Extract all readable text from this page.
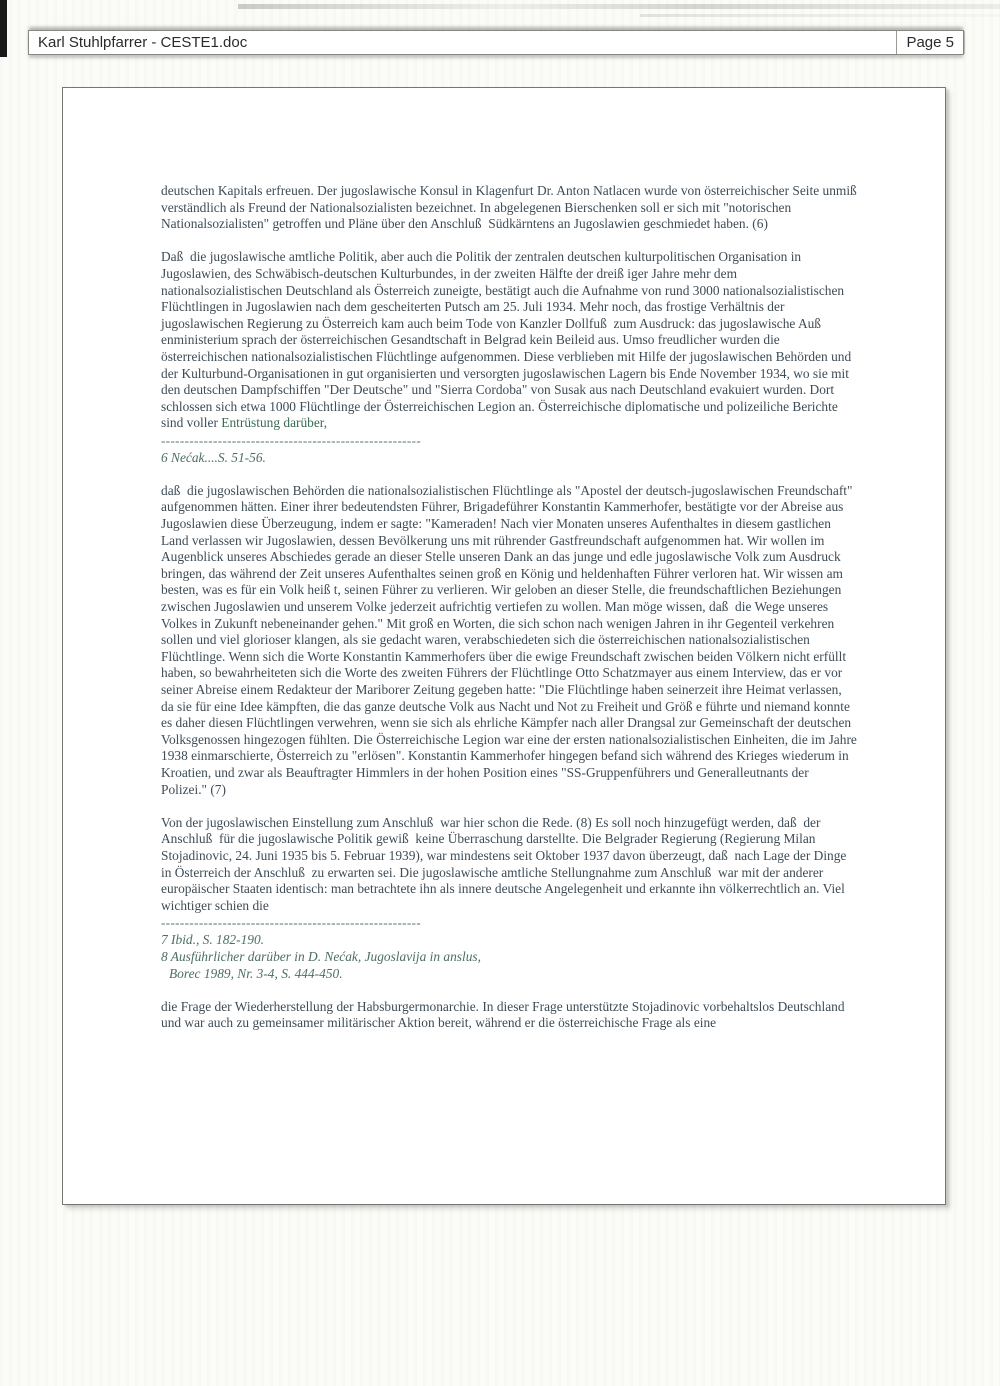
Karl Stuhlpfarrer - CESTE1.doc	Page 5

deutschen Kapitals erfreuen. Der jugoslawische Konsul in Klagenfurt Dr. Anton Natlacen wurde von österreichischer Seite unmiß verständlich als Freund der Nationalsozialisten bezeichnet. In abgelegenen Bierschenken soll er sich mit "notorischen Nationalsozialisten" getroffen und Pläne über den Anschluß  Südkärntens an Jugoslawien geschmiedet haben. (6)

Daß  die jugoslawische amtliche Politik, aber auch die Politik der zentralen deutschen kulturpolitischen Organisation in Jugoslawien, des Schwäbisch-deutschen Kulturbundes, in der zweiten Hälfte der dreiß iger Jahre mehr dem nationalsozialistischen Deutschland als Österreich zuneigte, bestätigt auch die Aufnahme von rund 3000 nationalsozialistischen Flüchtlingen in Jugoslawien nach dem gescheiterten Putsch am 25. Juli 1934. Mehr noch, das frostige Verhältnis der jugoslawischen Regierung zu Österreich kam auch beim Tode von Kanzler Dollfuß  zum Ausdruck: das jugoslawische Auß enministerium sprach der österreichischen Gesandtschaft in Belgrad kein Beileid aus. Umso freudlicher wurden die österreichischen nationalsozialistischen Flüchtlinge aufgenommen. Diese verblieben mit Hilfe der jugoslawischen Behörden und der Kulturbund-Organisationen in gut organisierten und versorgten jugoslawischen Lagern bis Ende November 1934, wo sie mit den deutschen Dampfschiffen "Der Deutsche" und "Sierra Cordoba" von Susak aus nach Deutschland evakuiert wurden. Dort schlossen sich etwa 1000 Flüchtlinge der Österreichischen Legion an. Österreichische diplomatische und polizeiliche Berichte sind voller Entrüstung darüber,

-------------------------------------------------------
6 Nećak....S. 51-56.

daß  die jugoslawischen Behörden die nationalsozialistischen Flüchtlinge als "Apostel der deutsch-jugoslawischen Freundschaft" aufgenommen hätten. Einer ihrer bedeutendsten Führer, Brigadeführer Konstantin Kammerhofer, bestätigte vor der Abreise aus Jugoslawien diese Überzeugung, indem er sagte: "Kameraden! Nach vier Monaten unseres Aufenthaltes in diesem gastlichen Land verlassen wir Jugoslawien, dessen Bevölkerung uns mit rührender Gastfreundschaft aufgenommen hat. Wir wollen im Augenblick unseres Abschiedes gerade an dieser Stelle unseren Dank an das junge und edle jugoslawische Volk zum Ausdruck bringen, das während der Zeit unseres Aufenthaltes seinen groß en König und heldenhaften Führer verloren hat. Wir wissen am besten, was es für ein Volk heiß t, seinen Führer zu verlieren. Wir geloben an dieser Stelle, die freundschaftlichen Beziehungen zwischen Jugoslawien und unserem Volke jederzeit aufrichtig vertiefen zu wollen. Man möge wissen, daß  die Wege unseres Volkes in Zukunft nebeneinander gehen." Mit groß en Worten, die sich schon nach wenigen Jahren in ihr Gegenteil verkehren sollen und viel glorioser klangen, als sie gedacht waren, verabschiedeten sich die österreichischen nationalsozialistischen Flüchtlinge. Wenn sich die Worte Konstantin Kammerhofers über die ewige Freundschaft zwischen beiden Völkern nicht erfüllt haben, so bewahrheiteten sich die Worte des zweiten Führers der Flüchtlinge Otto Schatzmayer aus einem Interview, das er vor seiner Abreise einem Redakteur der Mariborer Zeitung gegeben hatte: "Die Flüchtlinge haben seinerzeit ihre Heimat verlassen, da sie für eine Idee kämpften, die das ganze deutsche Volk aus Nacht und Not zu Freiheit und Größ e führte und niemand konnte es daher diesen Flüchtlingen verwehren, wenn sie sich als ehrliche Kämpfer nach aller Drangsal zur Gemeinschaft der deutschen Volksgenossen hingezogen fühlten. Die Österreichische Legion war eine der ersten nationalsozialistischen Einheiten, die im Jahre 1938 einmarschierte, Österreich zu "erlösen". Konstantin Kammerhofer hingegen befand sich während des Krieges wiederum in Kroatien, und zwar als Beauftragter Himmlers in der hohen Position eines "SS-Gruppenführers und Generalleutnants der Polizei." (7)

Von der jugoslawischen Einstellung zum Anschluß  war hier schon die Rede. (8) Es soll noch hinzugefügt werden, daß  der Anschluß  für die jugoslawische Politik gewiß  keine Überraschung darstellte. Die Belgrader Regierung (Regierung Milan Stojadinovic, 24. Juni 1935 bis 5. Februar 1939), war mindestens seit Oktober 1937 davon überzeugt, daß  nach Lage der Dinge in Österreich der Anschluß  zu erwarten sei. Die jugoslawische amtliche Stellungnahme zum Anschluß  war mit der anderer europäischer Staaten identisch: man betrachtete ihn als innere deutsche Angelegenheit und erkannte ihn völkerrechtlich an. Viel wichtiger schien die

-------------------------------------------------------
7 Ibid., S. 182-190.
8 Ausführlicher darüber in D. Nećak, Jugoslavija in anslus,
Borec 1989, Nr. 3-4, S. 444-450.

die Frage der Wiederherstellung der Habsburgermonarchie. In dieser Frage unterstützte Stojadinovic vorbehaltslos Deutschland und war auch zu gemeinsamer militärischer Aktion bereit, während er die österreichische Frage als eine
